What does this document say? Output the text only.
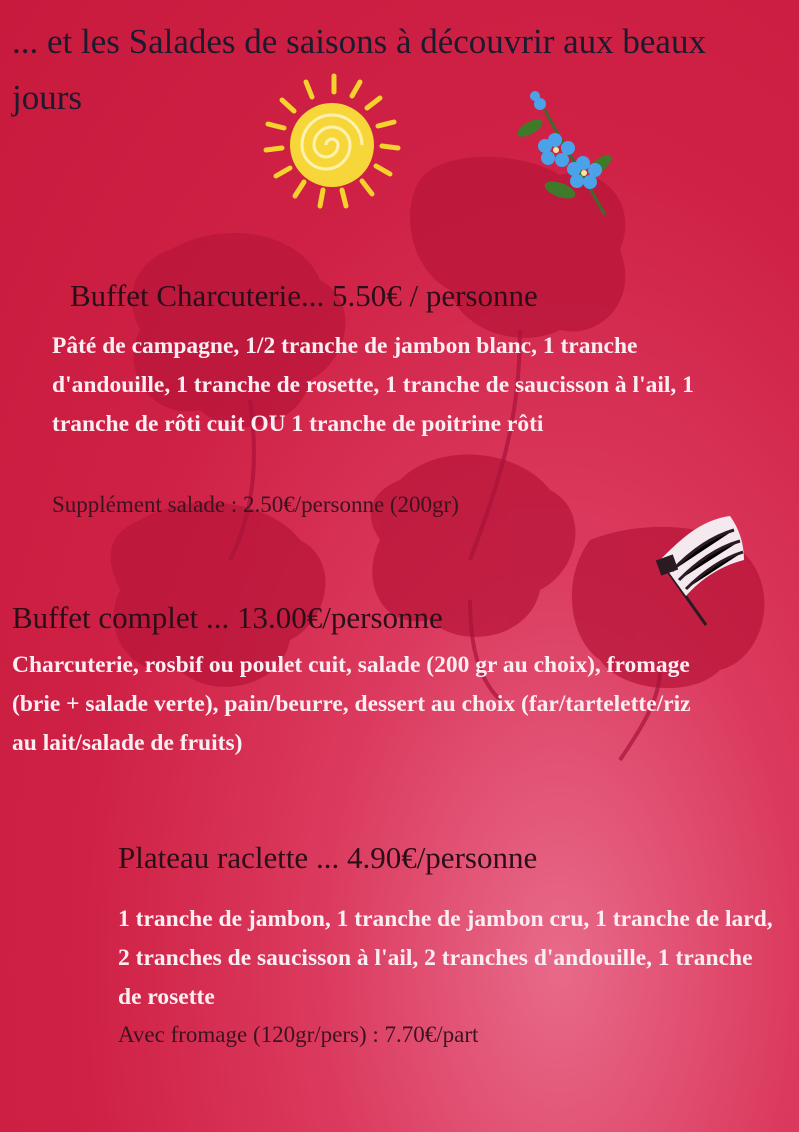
... et les Salades de saisons à découvrir aux beaux jours
Buffet Charcuterie... 5.50€ / personne
Pâté de campagne, 1/2 tranche de jambon blanc, 1 tranche d'andouille, 1 tranche de rosette, 1 tranche de saucisson à l'ail, 1 tranche de rôti cuit OU 1 tranche de poitrine rôti
Supplément salade : 2.50€/personne (200gr)
Buffet complet ... 13.00€/personne
Charcuterie, rosbif ou poulet cuit, salade (200 gr au choix), fromage (brie + salade verte), pain/beurre, dessert au choix (far/tartelette/riz au lait/salade de fruits)
Plateau raclette ... 4.90€/personne
1 tranche de jambon, 1 tranche de jambon cru, 1 tranche de lard, 2 tranches de saucisson à l'ail, 2 tranches d'andouille, 1 tranche de rosette
Avec fromage (120gr/pers) : 7.70€/part
